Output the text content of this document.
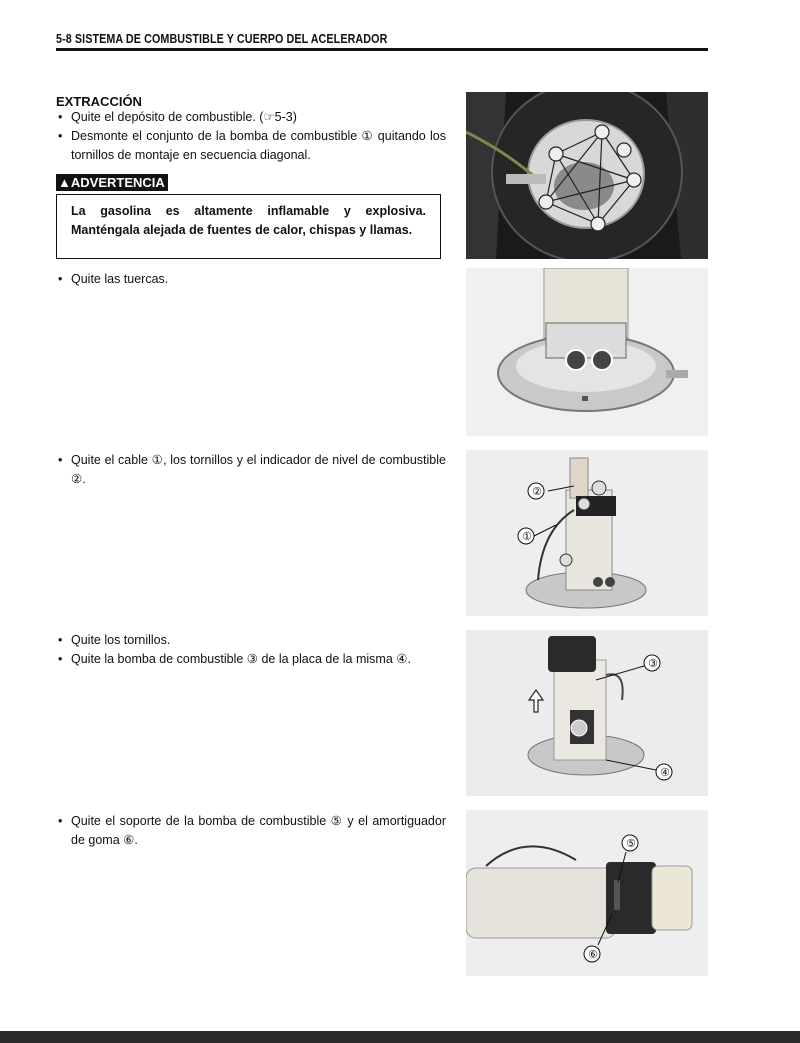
5-8 SISTEMA DE COMBUSTIBLE Y CUERPO DEL ACELERADOR
EXTRACCIÓN
• Quite el depósito de combustible. (☞5-3)
• Desmonte el conjunto de la bomba de combustible ① quitando los tornillos de montaje en secuencia diagonal.
▲ADVERTENCIA
La gasolina es altamente inflamable y explosiva. Manténgala alejada de fuentes de calor, chispas y llamas.
• Quite las tuercas.
• Quite el cable ①, los tornillos y el indicador de nivel de combustible ②.
• Quite los tornillos.
• Quite la bomba de combustible ③ de la placa de la misma ④.
• Quite el soporte de la bomba de combustible ⑤ y el amortiguador de goma ⑥.
②
①
③
④
⑤
⑥
